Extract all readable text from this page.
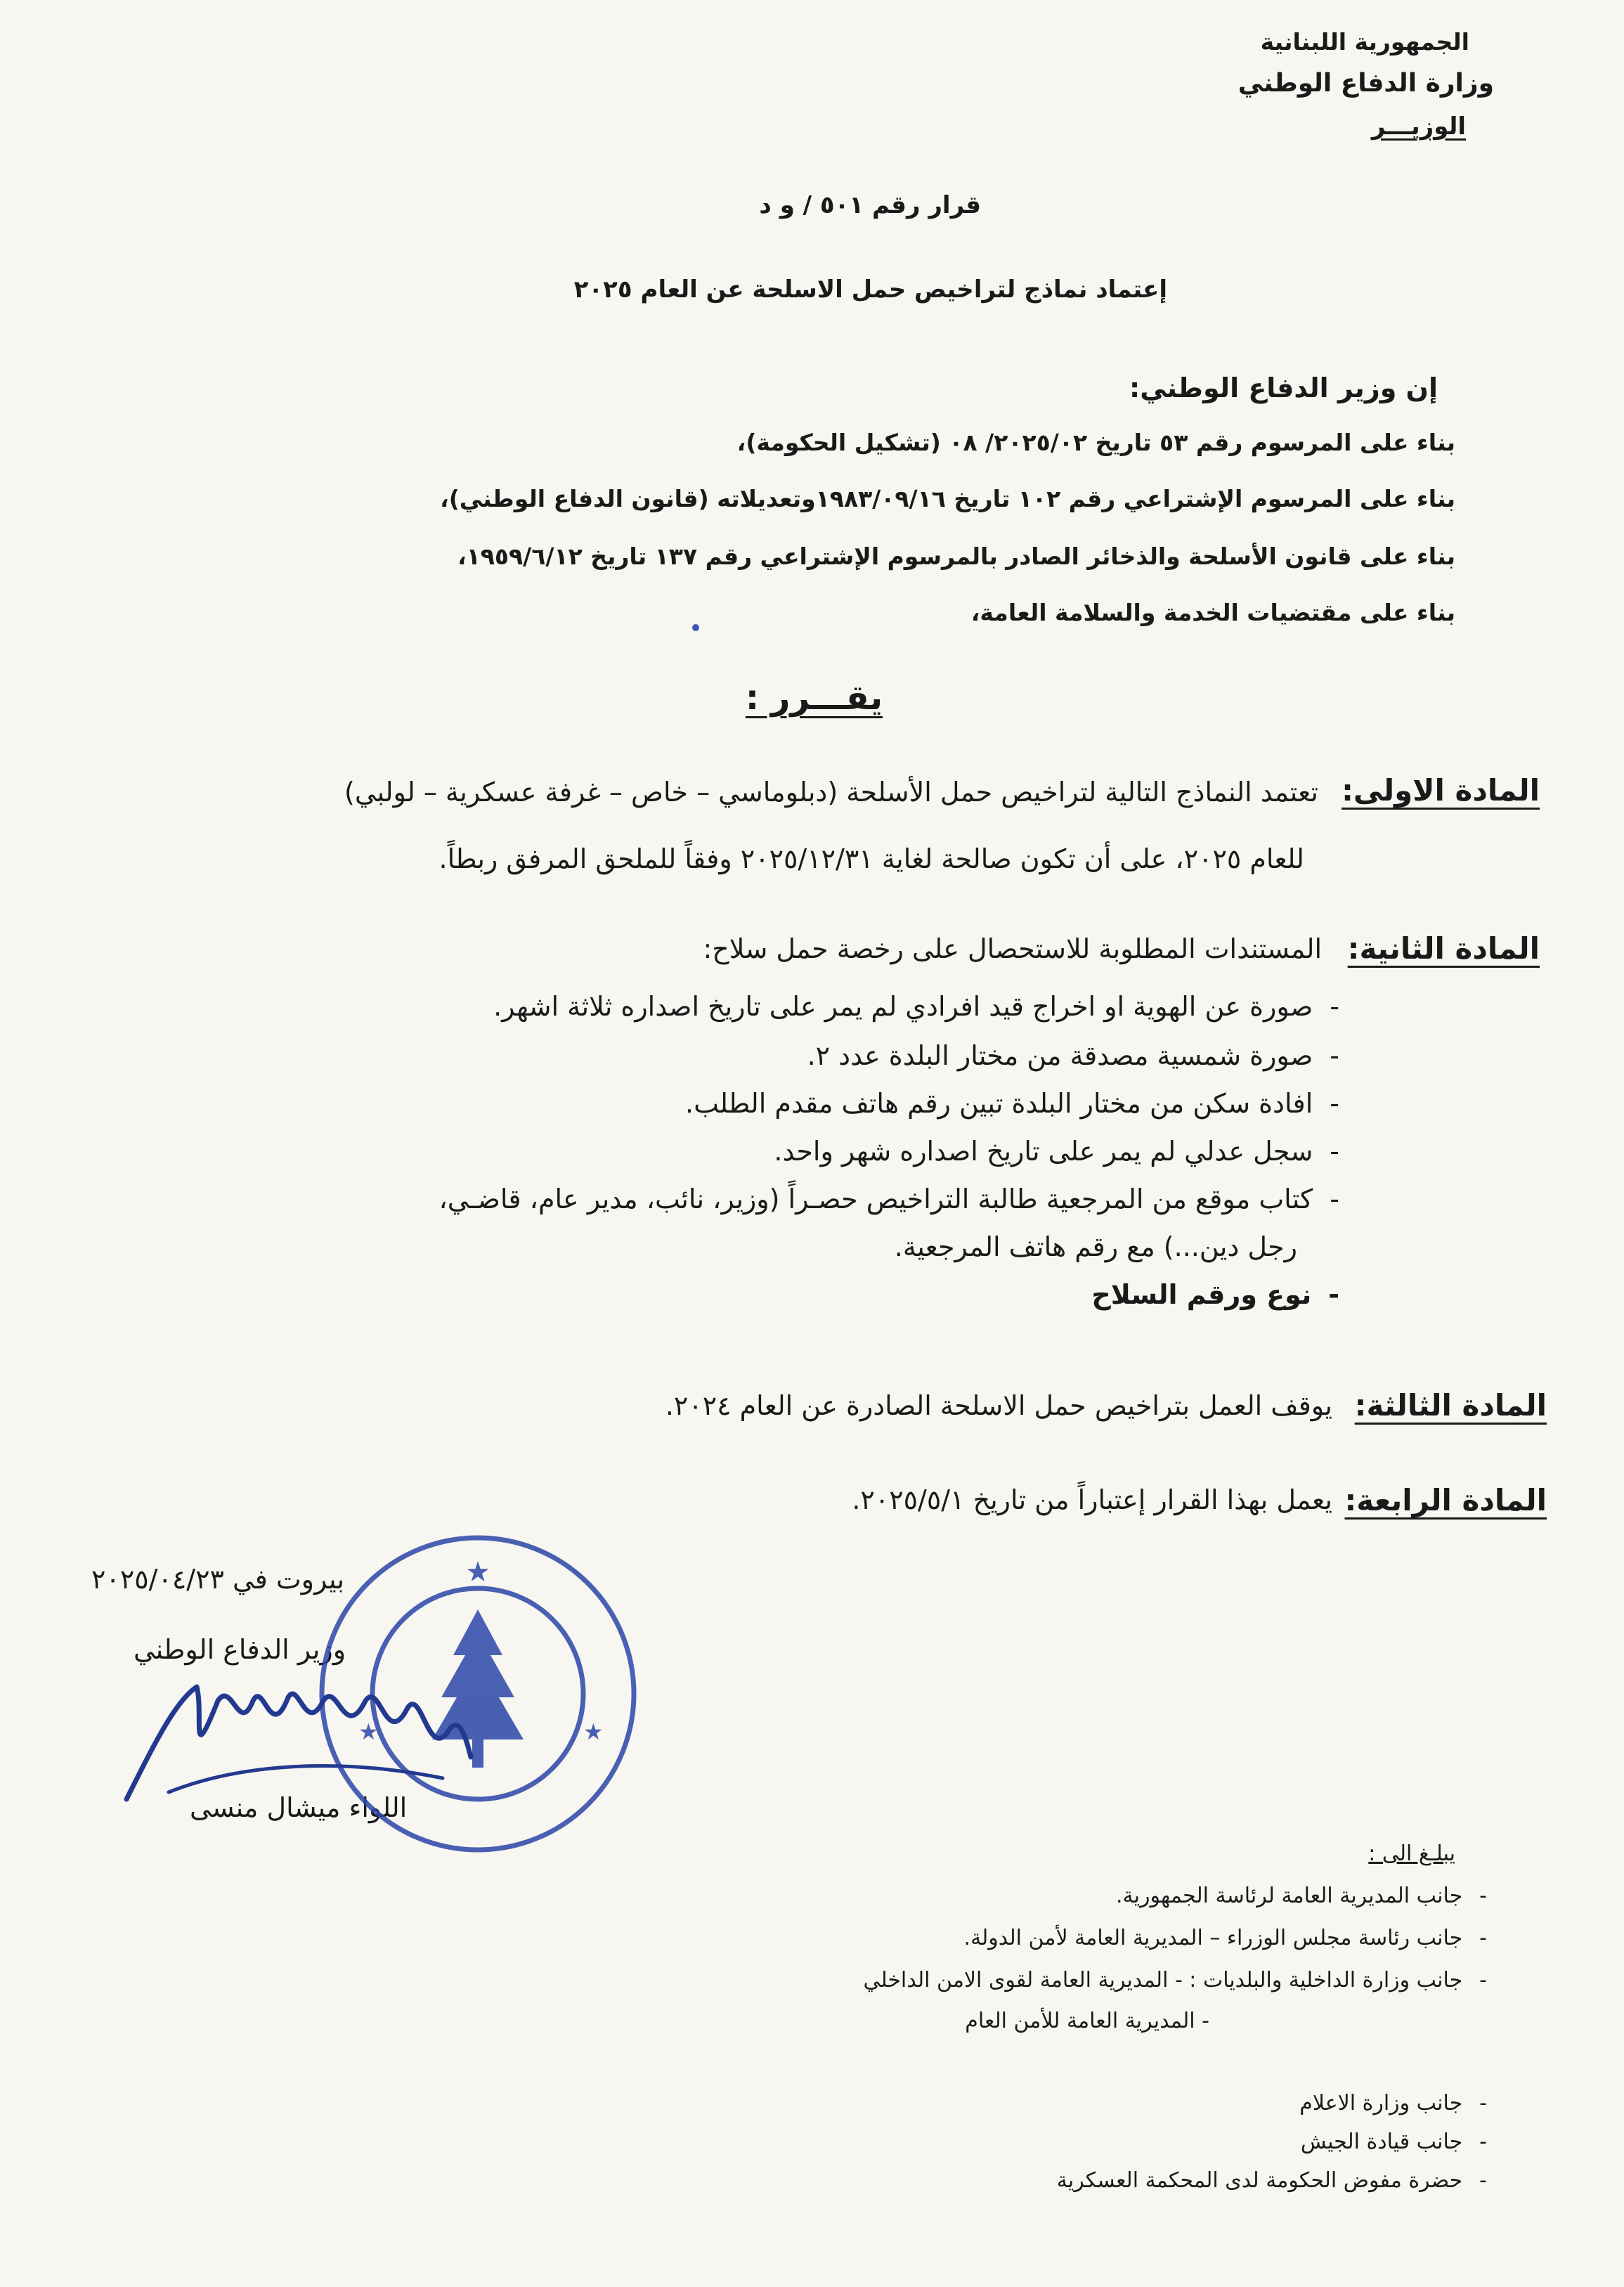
الجمهورية اللبنانية
وزارة الدفاع الوطني
الوزيـــر
قرار رقم ٥٠١ / و د
إعتماد نماذج لتراخيص حمل الاسلحة عن العام ٢٠٢٥
إن وزير الدفاع الوطني:
بناء على المرسوم رقم ٥٣ تاريخ ٢٠٢٥/٠٢/ ٠٨ (تشكيل الحكومة)،
بناء على المرسوم الإشتراعي رقم ١٠٢ تاريخ ١٩٨٣/٠٩/١٦وتعديلاته (قانون الدفاع الوطني)،
بناء على قانون الأسلحة والذخائر الصادر بالمرسوم الإشتراعي رقم ١٣٧ تاريخ ١٩٥٩/٦/١٢،
بناء على مقتضيات الخدمة والسلامة العامة،
يقـــرر :
المادة الاولى:
تعتمد النماذج التالية لتراخيص حمل الأسلحة (دبلوماسي – خاص – غرفة عسكرية – لولبي)
للعام ٢٠٢٥، على أن تكون صالحة لغاية ٢٠٢٥/١٢/٣١ وفقاً للملحق المرفق ربطاً.
المادة الثانية:
المستندات المطلوبة للاستحصال على رخصة حمل سلاح:
-صورة عن الهوية او اخراج قيد افرادي لم يمر على تاريخ اصداره ثلاثة اشهر.
-صورة شمسية مصدقة من مختار البلدة عدد ٢.
-افادة سكن من مختار البلدة تبين رقم هاتف مقدم الطلب.
-سجل عدلي لم يمر على تاريخ اصداره شهر واحد.
-كتاب موقع من المرجعية طالبة التراخيص حصـراً (وزير، نائب، مدير عام، قاضـي،
رجل دين...) مع رقم هاتف المرجعية.
-نوع ورقم السلاح
المادة الثالثة:
يوقف العمل بتراخيص حمل الاسلحة الصادرة عن العام ٢٠٢٤.
المادة الرابعة:
يعمل بهذا القرار إعتباراً من تاريخ ٢٠٢٥/٥/١.
بيروت في ٢٠٢٥/٠٤/٢٣
وزير الدفاع الوطني
اللواء ميشال منسى
★
★	★
يبلـغ الى :
-جانب المديرية العامة لرئاسة الجمهورية.
-جانب رئاسة مجلس الوزراء – المديرية العامة لأمن الدولة.
-جانب وزارة الداخلية والبلديات : - المديرية العامة لقوى الامن الداخلي
- المديرية العامة للأمن العام
-جانب وزارة الاعلام
-جانب قيادة الجيش
-حضرة مفوض الحكومة لدى المحكمة العسكرية
